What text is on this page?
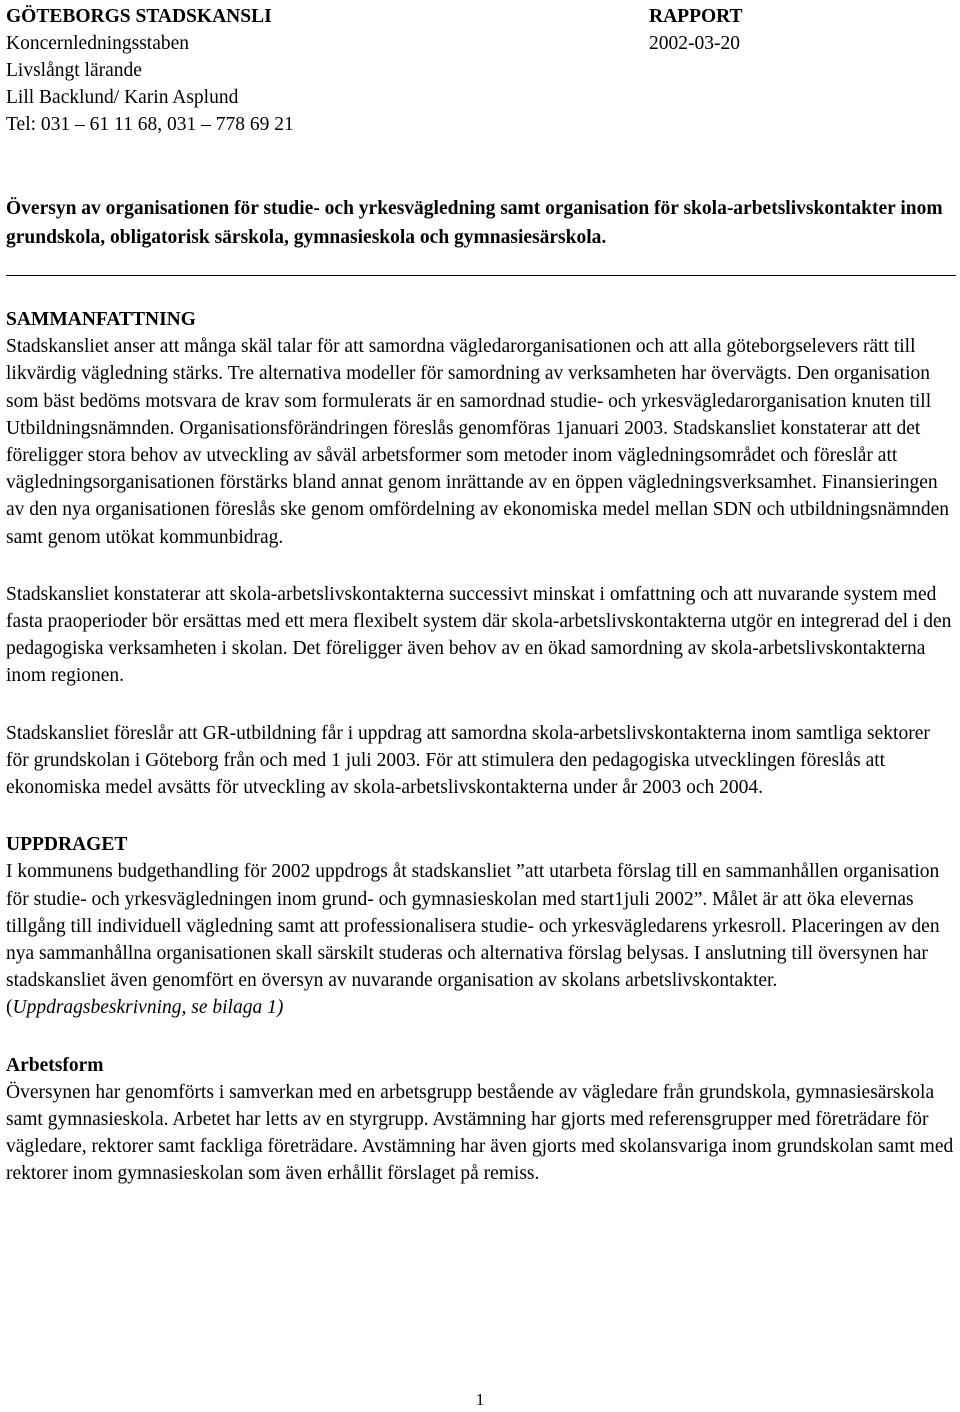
GÖTEBORGS STADSKANSLI
Koncernledningsstaben
Livslångt lärande
Lill Backlund/ Karin Asplund
Tel: 031 – 61 11 68, 031 – 778 69 21
RAPPORT
2002-03-20
Översyn av organisationen för studie- och yrkesvägledning samt organisation för skola-arbetslivskontakter inom grundskola, obligatorisk särskola, gymnasieskola och gymnasiesärskola.
SAMMANFATTNING

Stadskansliet anser att många skäl talar för att samordna vägledarorganisationen och att alla göteborgselevers rätt till likvärdig vägledning stärks. Tre alternativa modeller för samordning av verksamheten har övervägts. Den organisation som bäst bedöms motsvara de krav som formulerats är en samordnad studie- och yrkesvägledarorganisation knuten till Utbildningsnämnden. Organisationsförändringen föreslås genomföras 1januari 2003. Stadskansliet konstaterar att det föreligger stora behov av utveckling av såväl arbetsformer som metoder inom vägledningsområdet och föreslår att vägledningsorganisationen förstärks bland annat genom inrättande av en öppen vägledningsverksamhet. Finansieringen av den nya organisationen föreslås ske genom omfördelning av ekonomiska medel mellan SDN och utbildningsnämnden samt genom utökat kommunbidrag.

Stadskansliet konstaterar att skola-arbetslivskontakterna successivt minskat i omfattning och att nuvarande system med fasta praoperioder bör ersättas med ett mera flexibelt system där skola-arbetslivskontakterna utgör en integrerad del i den pedagogiska verksamheten i skolan. Det föreligger även behov av en ökad samordning av skola-arbetslivskontakterna inom regionen.

Stadskansliet föreslår att GR-utbildning får i uppdrag att samordna skola-arbetslivskontakterna inom samtliga sektorer för grundskolan i Göteborg från och med 1 juli 2003. För att stimulera den pedagogiska utvecklingen föreslås att ekonomiska medel avsätts för utveckling av skola-arbetslivskontakterna under år 2003 och 2004.

UPPDRAGET

I kommunens budgethandling för 2002 uppdrogs åt stadskansliet ”att utarbeta förslag till en sammanhållen organisation för studie- och yrkesvägledningen inom grund- och gymnasieskolan med start1juli 2002”. Målet är att öka elevernas tillgång till individuell vägledning samt att professionalisera studie- och yrkesvägledarens yrkesroll. Placeringen av den nya sammanhållna organisationen skall särskilt studeras och alternativa förslag belysas. I anslutning till översynen har stadskansliet även genomfört en översyn av nuvarande organisation av skolans arbetslivskontakter. (Uppdragsbeskrivning, se bilaga 1)

Arbetsform

Översynen har genomförts i samverkan med en arbetsgrupp bestående av vägledare från grundskola, gymnasiesärskola samt gymnasieskola. Arbetet har letts av en styrgrupp. Avstämning har gjorts med referensgrupper med företrädare för vägledare, rektorer samt fackliga företrädare. Avstämning har även gjorts med skolansvariga inom grundskolan samt med rektorer inom gymnasieskolan som även erhållit förslaget på remiss.

1
